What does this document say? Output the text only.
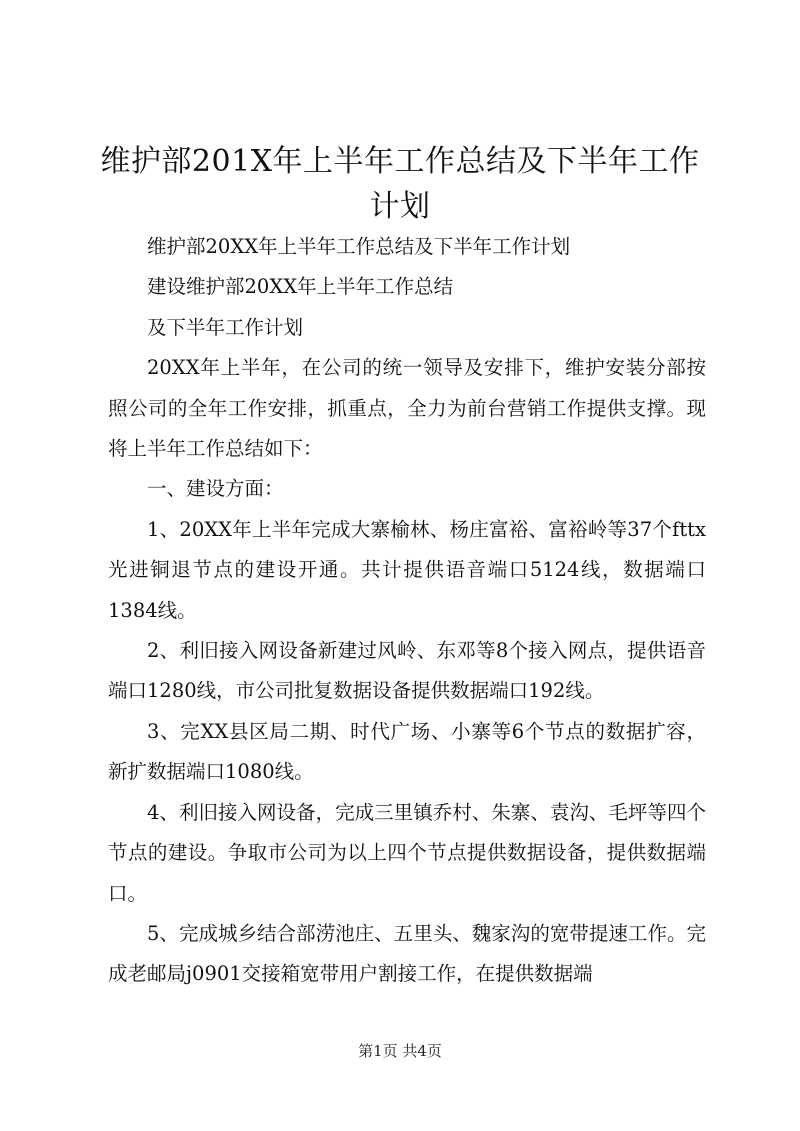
维护部201X年上半年工作总结及下半年工作
计划

维护部20XX年上半年工作总结及下半年工作计划

建设维护部20XX年上半年工作总结

及下半年工作计划

20XX年上半年，在公司的统一领导及安排下，维护安装分部按照公司的全年工作安排，抓重点，全力为前台营销工作提供支撑。现将上半年工作总结如下：

一、建设方面：

1、20XX年上半年完成大寨榆林、杨庄富裕、富裕岭等37个fttx光进铜退节点的建设开通。共计提供语音端口5124线，数据端口1384线。

2、利旧接入网设备新建过风岭、东邓等8个接入网点，提供语音端口1280线，市公司批复数据设备提供数据端口192线。

3、完XX县区局二期、时代广场、小寨等6个节点的数据扩容，新扩数据端口1080线。

4、利旧接入网设备，完成三里镇乔村、朱寨、袁沟、毛坪等四个节点的建设。争取市公司为以上四个节点提供数据设备，提供数据端口。

5、完成城乡结合部涝池庄、五里头、魏家沟的宽带提速工作。完成老邮局j0901交接箱宽带用户割接工作，在提供数据端

第1页 共4页
